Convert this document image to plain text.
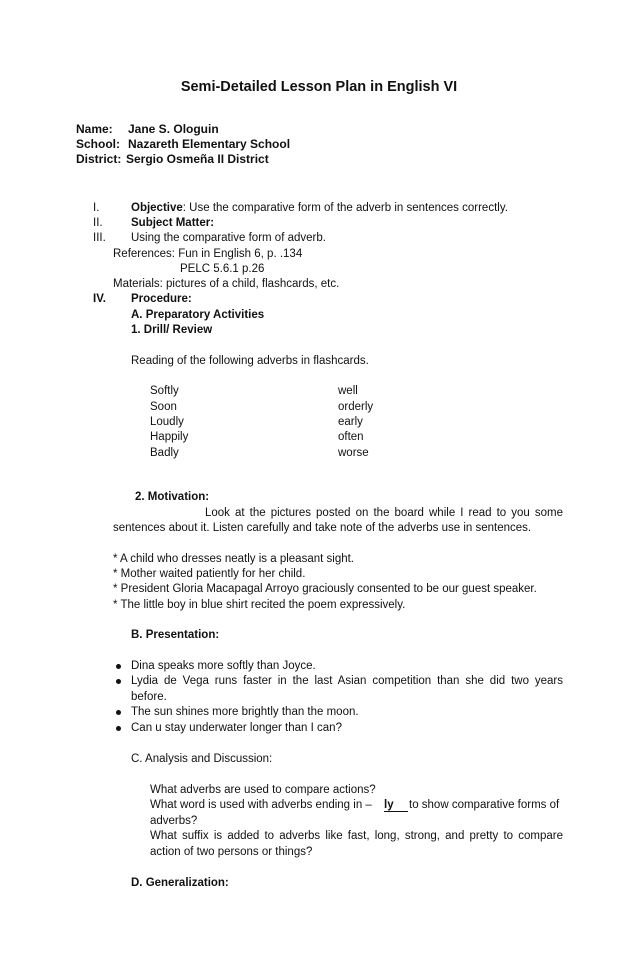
Semi-Detailed Lesson Plan in English VI
Name: Jane S. Ologuin
School: Nazareth Elementary School
District: Sergio Osmeña II District
I.	Objective: Use the comparative form of the adverb in sentences correctly.
II. Subject Matter:
III. Using the comparative form of adverb.
References: Fun in English 6, p. .134
PELC 5.6.1 p.26
Materials: pictures of a child, flashcards, etc.
IV. Procedure:
A. Preparatory Activities
1. Drill/ Review
Reading of the following adverbs in flashcards.
Softly
Soon
Loudly
Happily
Badly
well
orderly
early
often
worse
2. Motivation:
Look at the pictures posted on the board while I read to you some
sentences about it. Listen carefully and take note of the adverbs use in sentences.
* A child who dresses neatly is a pleasant sight.
* Mother waited patiently for her child.
* President Gloria Macapagal Arroyo graciously consented to be our guest speaker.
* The little boy in blue shirt recited the poem expressively.
B. Presentation:
Dina speaks more softly than Joyce.
Lydia de Vega runs faster in the last Asian competition than she did two years
before.
The sun shines more brightly than the moon.
Can u stay underwater longer than I can?
C. Analysis and Discussion:
What adverbs are used to compare actions?
What word is used with adverbs ending in – ly	to show comparative forms of
adverbs?
What suffix is added to adverbs like fast, long, strong, and pretty to compare
action of two persons or things?
D. Generalization:
